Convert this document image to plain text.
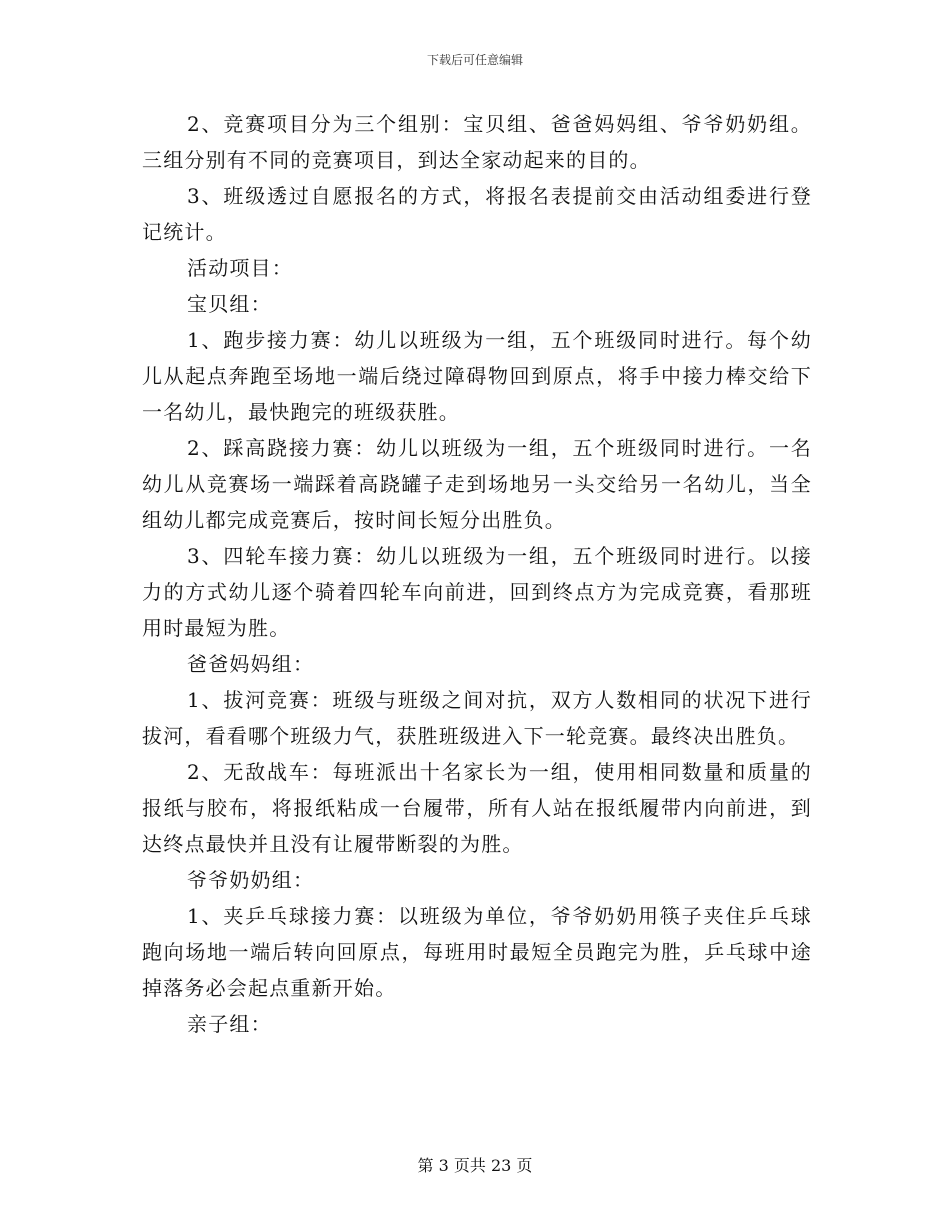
下载后可任意编辑

2、竞赛项目分为三个组别：宝贝组、爸爸妈妈组、爷爷奶奶组。三组分别有不同的竞赛项目，到达全家动起来的目的。

3、班级透过自愿报名的方式，将报名表提前交由活动组委进行登记统计。

活动项目：

宝贝组：

1、跑步接力赛：幼儿以班级为一组，五个班级同时进行。每个幼儿从起点奔跑至场地一端后绕过障碍物回到原点，将手中接力棒交给下一名幼儿，最快跑完的班级获胜。

2、踩高跷接力赛：幼儿以班级为一组，五个班级同时进行。一名幼儿从竞赛场一端踩着高跷罐子走到场地另一头交给另一名幼儿，当全组幼儿都完成竞赛后，按时间长短分出胜负。

3、四轮车接力赛：幼儿以班级为一组，五个班级同时进行。以接力的方式幼儿逐个骑着四轮车向前进，回到终点方为完成竞赛，看那班用时最短为胜。

爸爸妈妈组：

1、拔河竞赛：班级与班级之间对抗，双方人数相同的状况下进行拔河，看看哪个班级力气，获胜班级进入下一轮竞赛。最终决出胜负。

2、无敌战车：每班派出十名家长为一组，使用相同数量和质量的报纸与胶布，将报纸粘成一台履带，所有人站在报纸履带内向前进，到达终点最快并且没有让履带断裂的为胜。

爷爷奶奶组：

1、夹乒乓球接力赛：以班级为单位，爷爷奶奶用筷子夹住乒乓球跑向场地一端后转向回原点，每班用时最短全员跑完为胜，乒乓球中途掉落务必会起点重新开始。

亲子组：

第 3 页共 23 页
